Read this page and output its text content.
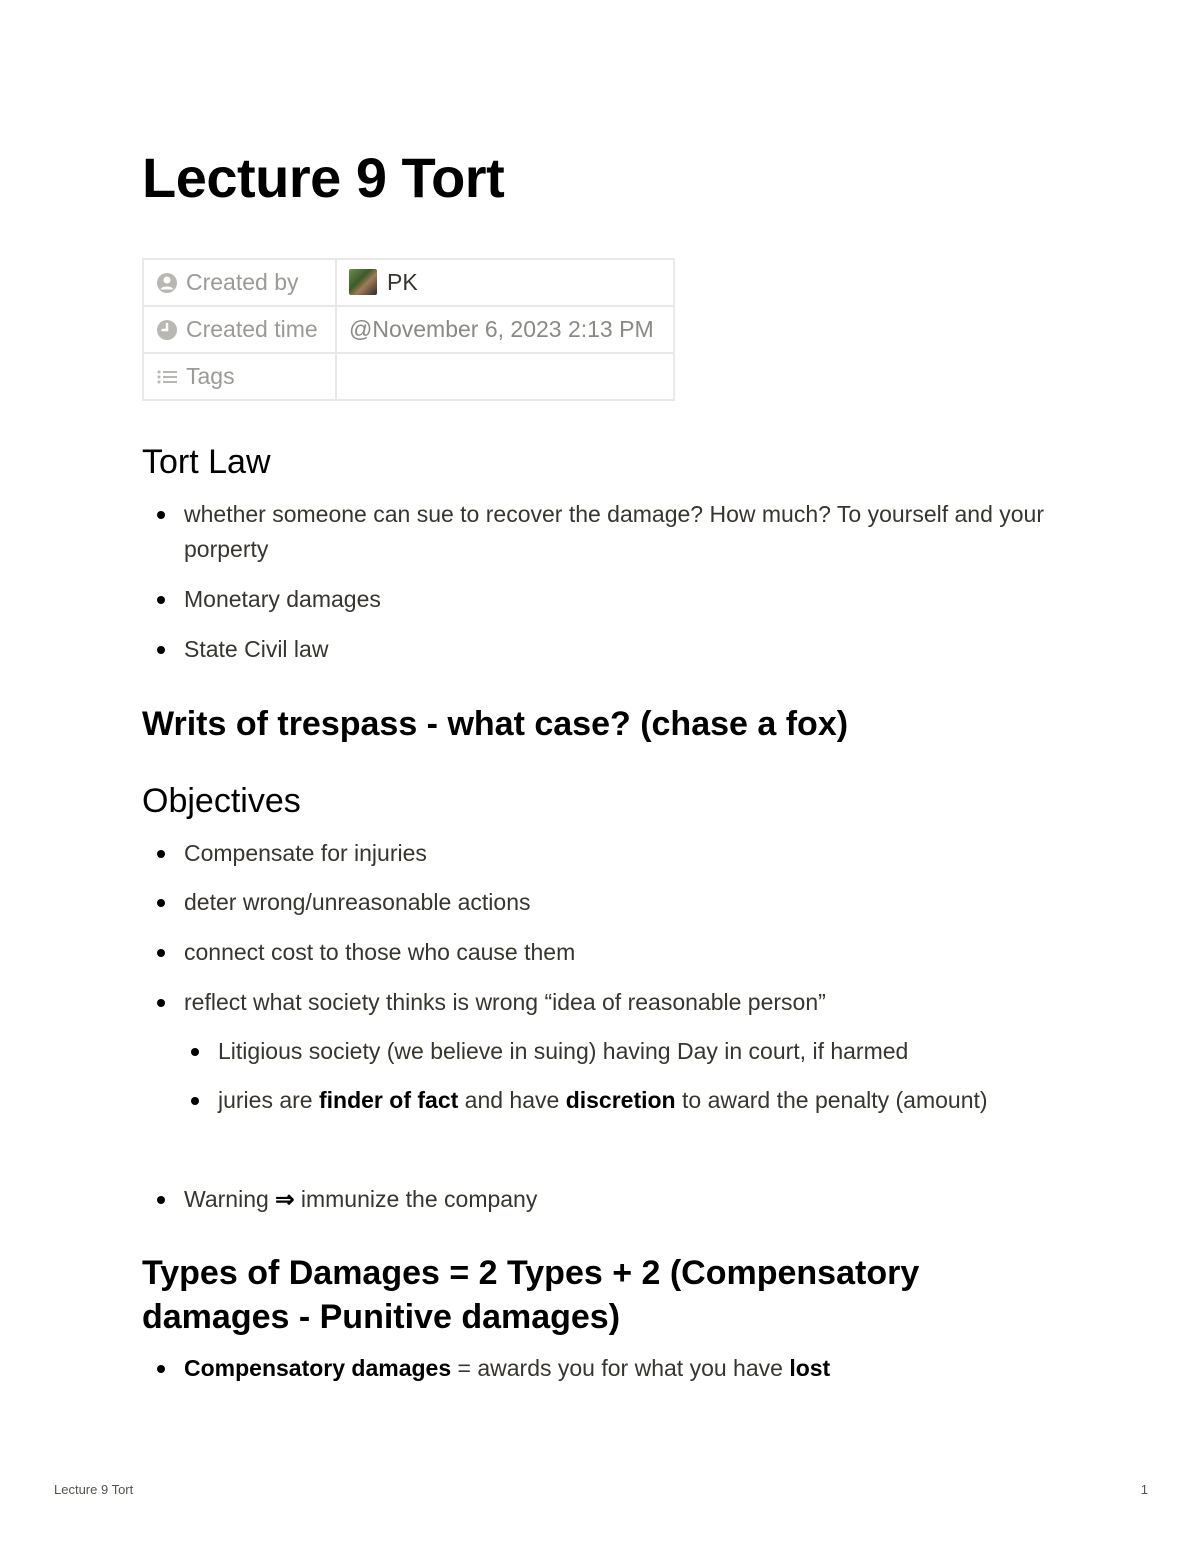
Lecture 9 Tort
Created by	PK
Created time	@November 6, 2023 2:13 PM
Tags	
Tort Law

whether someone can sue to recover the damage? How much? To yourself and your porperty

Monetary damages

State Civil law

Writs of trespass - what case? (chase a fox)
Objectives

Compensate for injuries

deter wrong/unreasonable actions

connect cost to those who cause them

reflect what society thinks is wrong “idea of reasonable person”

Litigious society (we believe in suing) having Day in court, if harmed

juries are finder of fact and have discretion to award the penalty (amount)

Warning ⇒ immunize the company

Types of Damages = 2 Types + 2 (Compensatory damages - Punitive damages)

Compensatory damages = awards you for what you have lost

Lecture 9 Tort	1
